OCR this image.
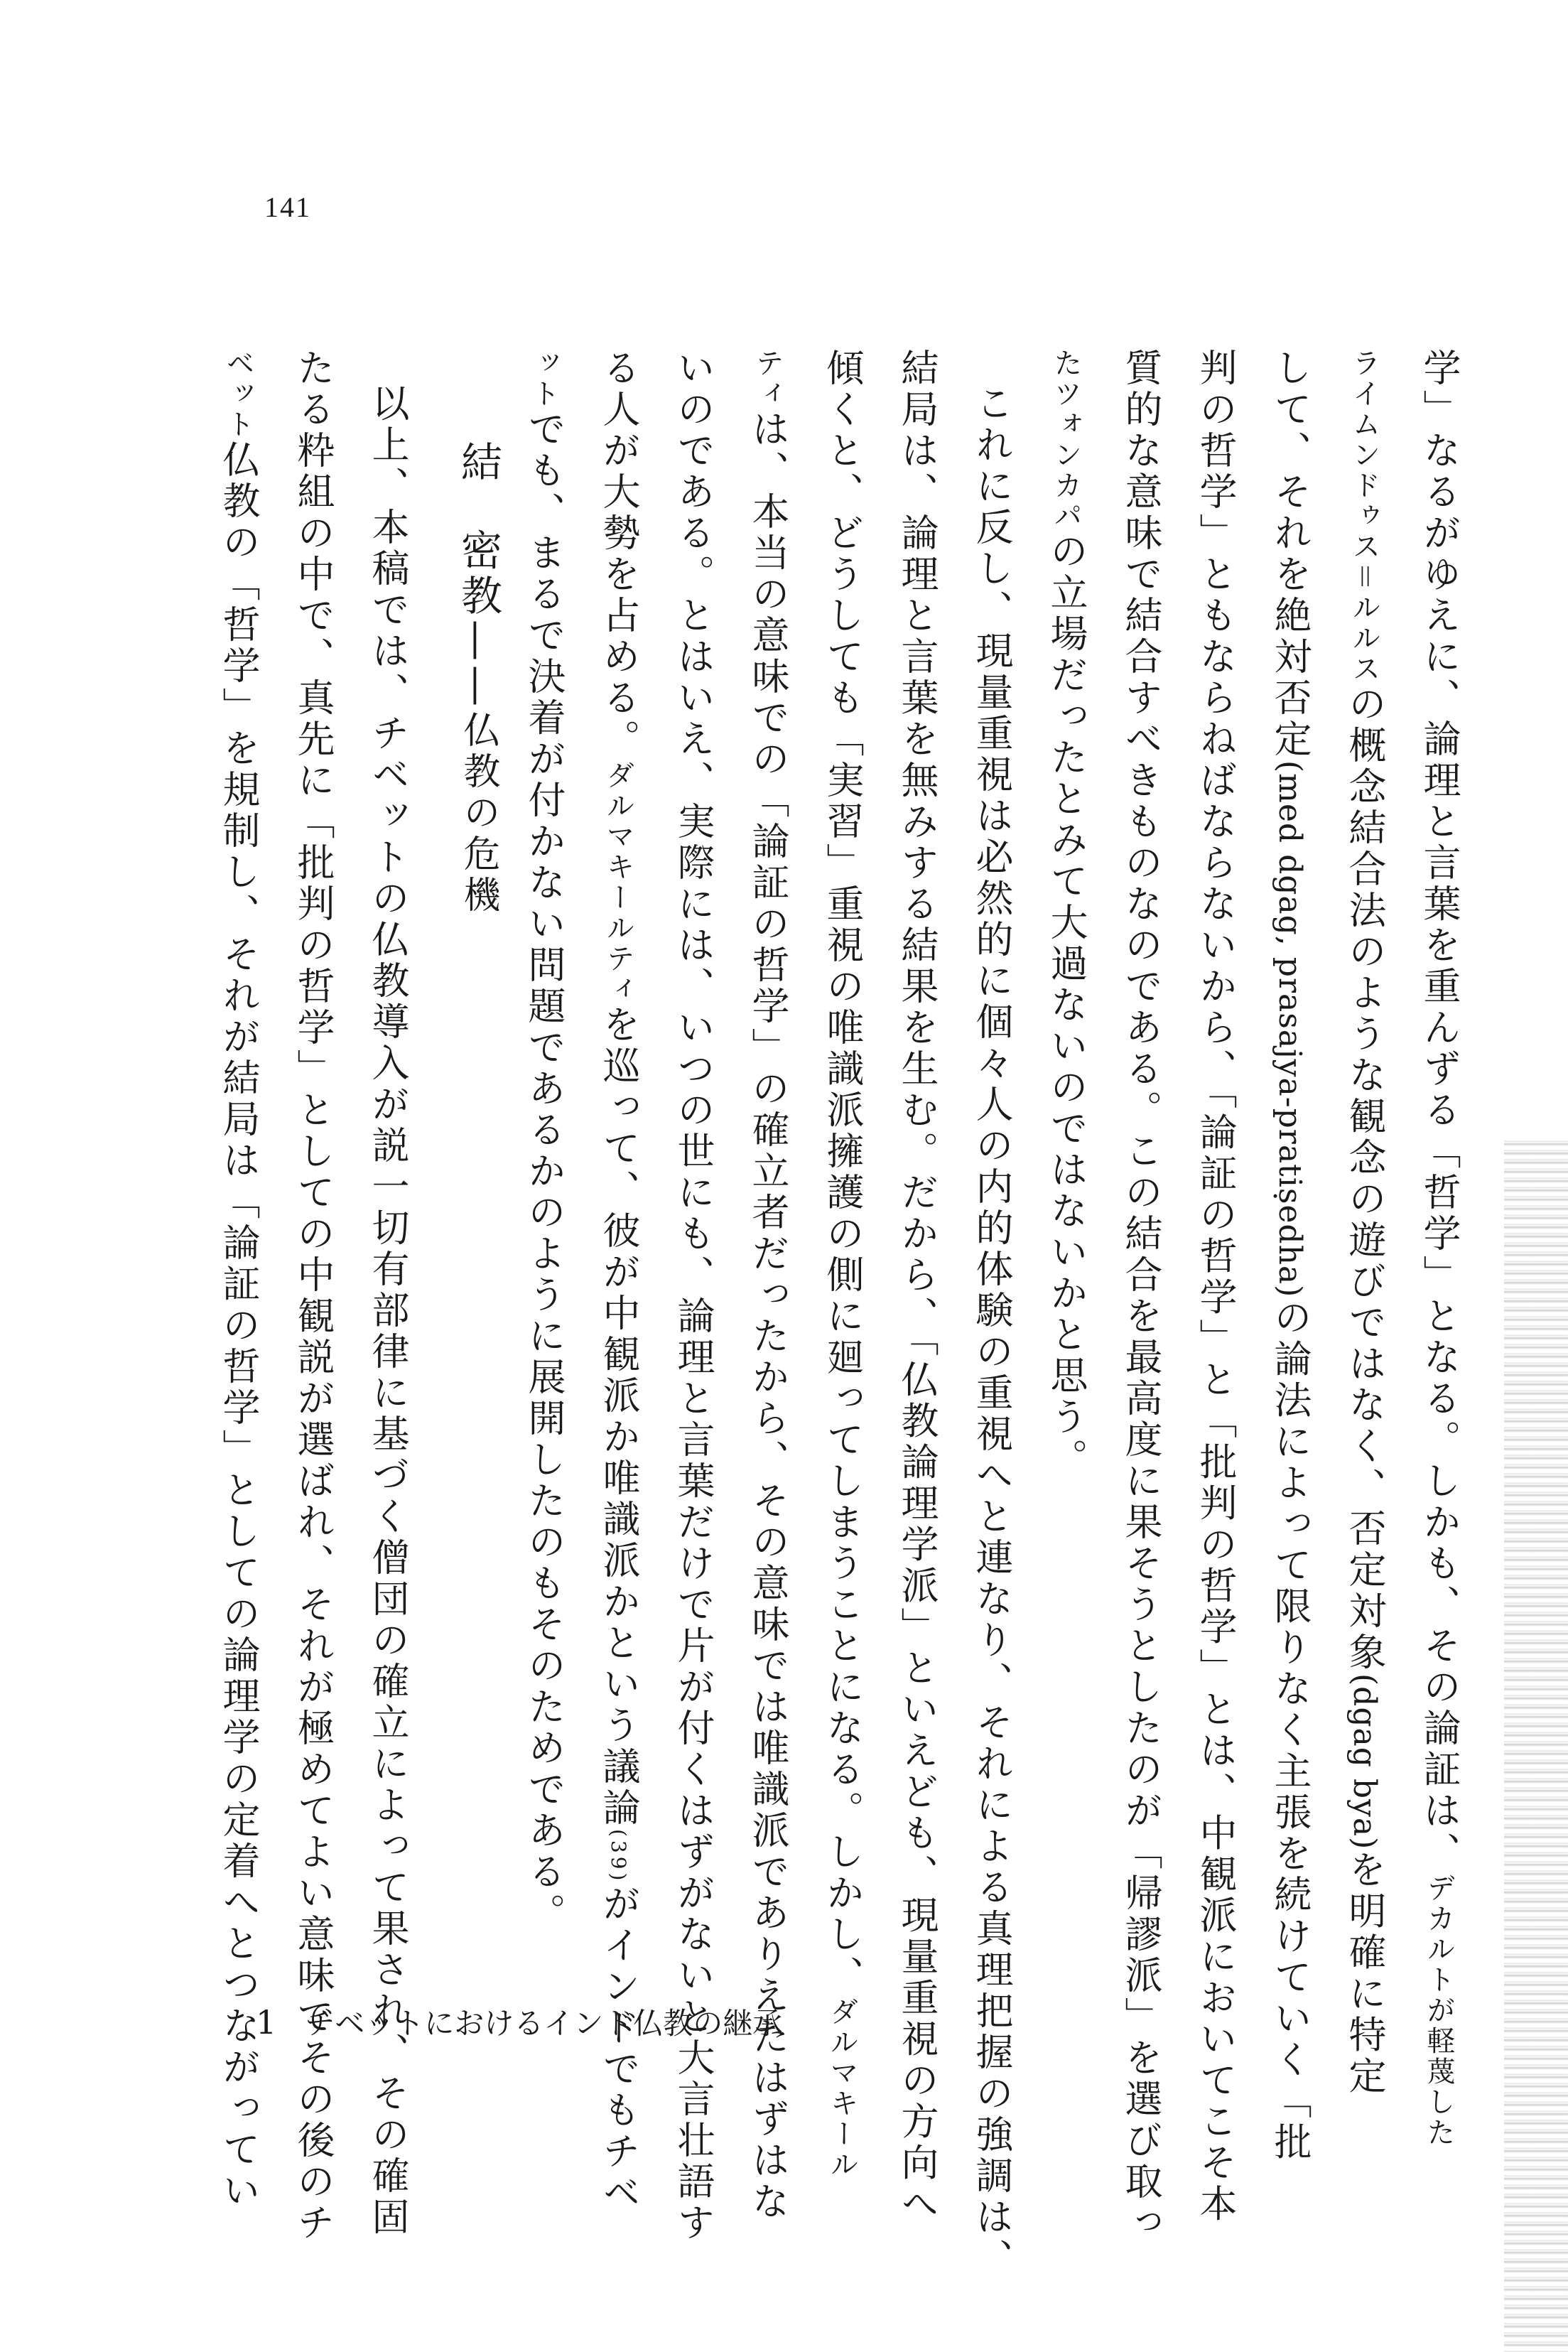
141
学」なるがゆえに、論理と言葉を重んずる「哲学」となる。しかも、その論証は、デカルトが軽蔑した
ライムンドゥス＝ルルスの概念結合法のような観念の遊びではなく、否定対象(dgag bya)を明確に特定
して、それを絶対否定(med dgag, prasajya-pratiṣedha)の論法によって限りなく主張を続けていく「批
判の哲学」ともならねばならないから、「論証の哲学」と「批判の哲学」とは、中観派においてこそ本
質的な意味で結合すべきものなのである。この結合を最高度に果そうとしたのが「帰謬派」を選び取っ
たツォンカパの立場だったとみて大過ないのではないかと思う。
これに反し、現量重視は必然的に個々人の内的体験の重視へと連なり、それによる真理把握の強調は、
結局は、論理と言葉を無みする結果を生む。だから、「仏教論理学派」といえども、現量重視の方向へ
傾くと、どうしても「実習」重視の唯識派擁護の側に廻ってしまうことになる。しかし、ダルマキール
ティは、本当の意味での「論証の哲学」の確立者だったから、その意味では唯識派でありえたはずはな
いのである。とはいえ、実際には、いつの世にも、論理と言葉だけで片が付くはずがないと大言壮語す
る人が大勢を占める。ダルマキールティを巡って、彼が中観派か唯識派かという議論(39)がインドでもチベ
ットでも、まるで決着が付かない問題であるかのように展開したのもそのためである。
結密教——仏教の危機
以上、本稿では、チベットの仏教導入が説一切有部律に基づく僧団の確立によって果され、その確固
たる粋組の中で、真先に「批判の哲学」としての中観説が選ばれ、それが極めてよい意味でその後のチ
ベット仏教の「哲学」を規制し、それが結局は「論証の哲学」としての論理学の定着へとつながってい
1 チベットにおけるインド仏教の継承
